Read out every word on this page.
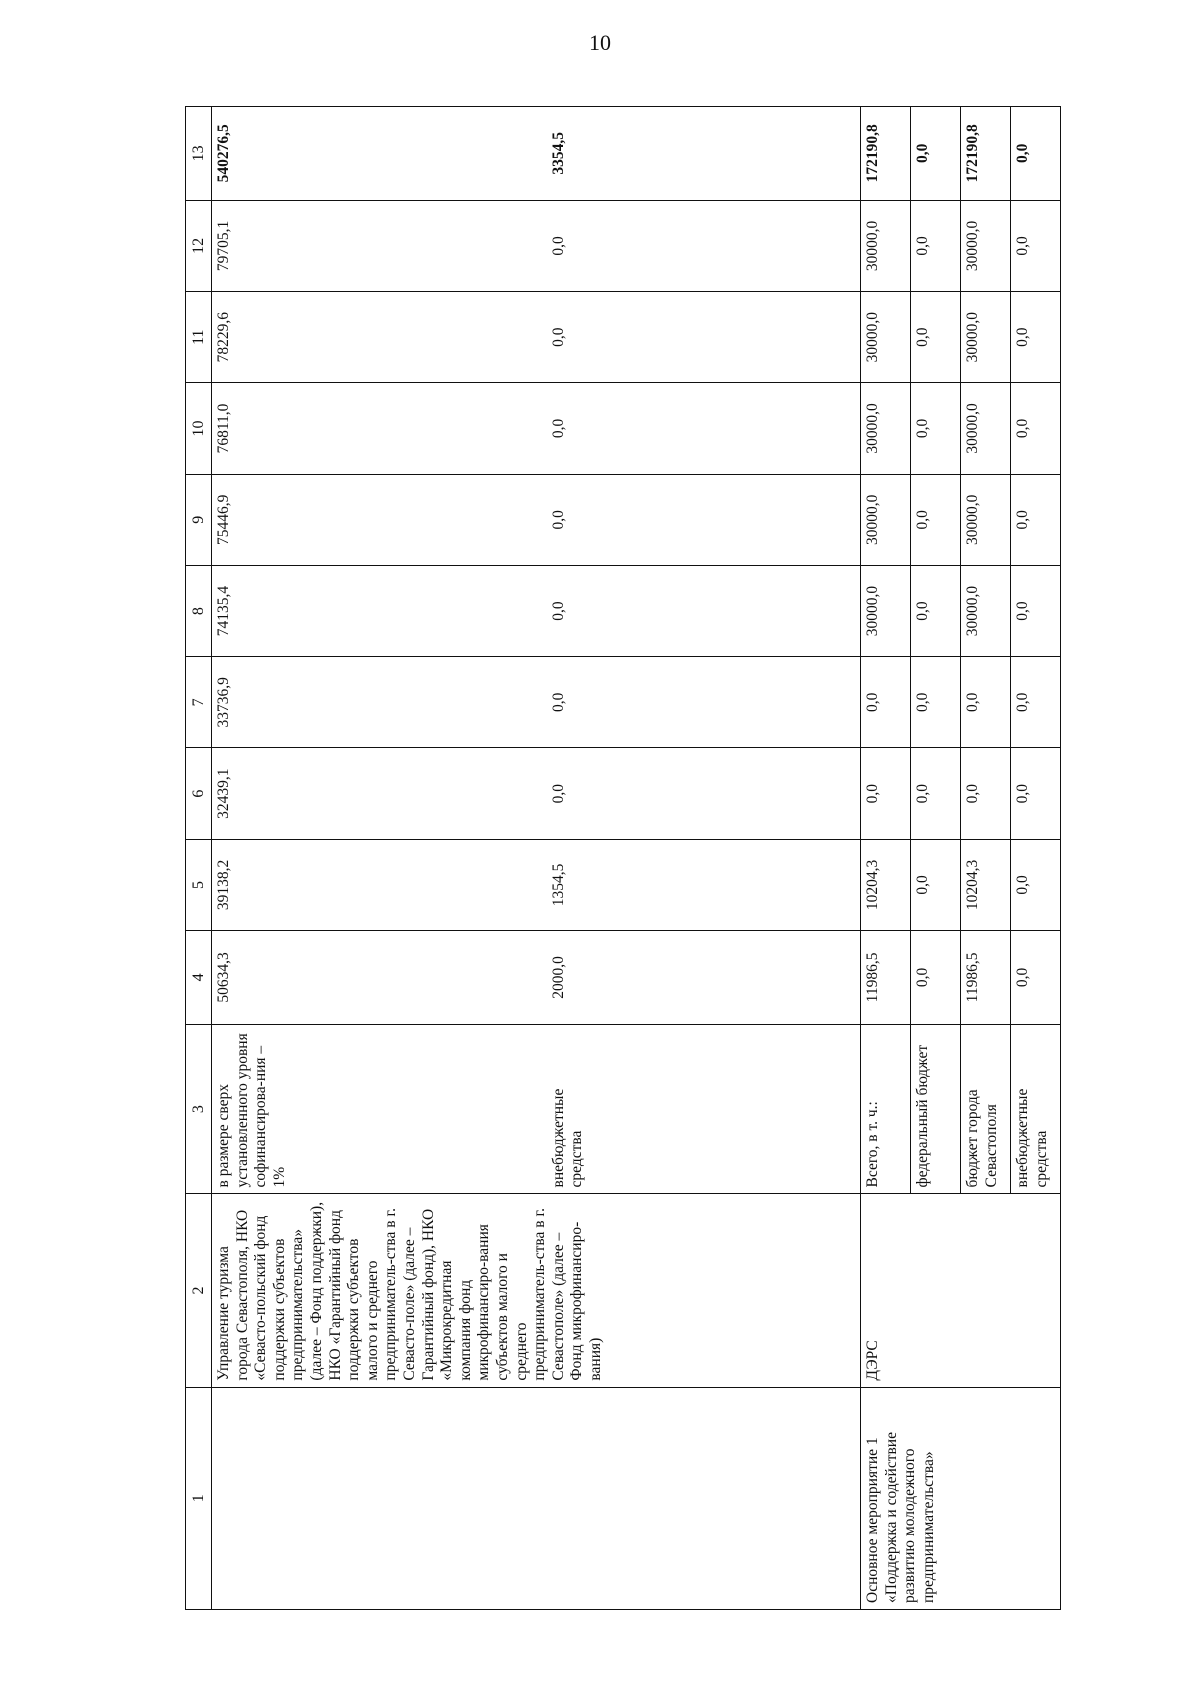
10
1	2	3	4	5	6	7	8	9	10	11	12	13
	Управление туризма города Севастополя, НКО «Севасто-польский фонд поддержки субъектов предпринимательства» (далее – Фонд поддержки), НКО «Гарантийный фонд поддержки субъектов малого и среднего предприниматель-ства в г. Севасто-поле» (далее – Гарантийный фонд), НКО «Микрокредитная компания фонд микрофинансиро-вания субъектов малого и среднего предприниматель-ства в г. Севастополе» (далее – Фонд микрофинансиро-вания)	в размере сверх установленного уровня софинансирова-ния – 1%	50634,3	39138,2	32439,1	33736,9	74135,4	75446,9	76811,0	78229,6	79705,1	540276,5
		внебюджетные средства	2000,0	1354,5	0,0	0,0	0,0	0,0	0,0	0,0	0,0	3354,5
Основное мероприятие 1 «Поддержка и содействие развитию молодежного предпринимательства»	ДЭРС	Всего, в т. ч.:	11986,5	10204,3	0,0	0,0	30000,0	30000,0	30000,0	30000,0	30000,0	172190,8
		федеральный бюджет	0,0	0,0	0,0	0,0	0,0	0,0	0,0	0,0	0,0	0,0
		бюджет города Севастополя	11986,5	10204,3	0,0	0,0	30000,0	30000,0	30000,0	30000,0	30000,0	172190,8
		внебюджетные средства	0,0	0,0	0,0	0,0	0,0	0,0	0,0	0,0	0,0	0,0
